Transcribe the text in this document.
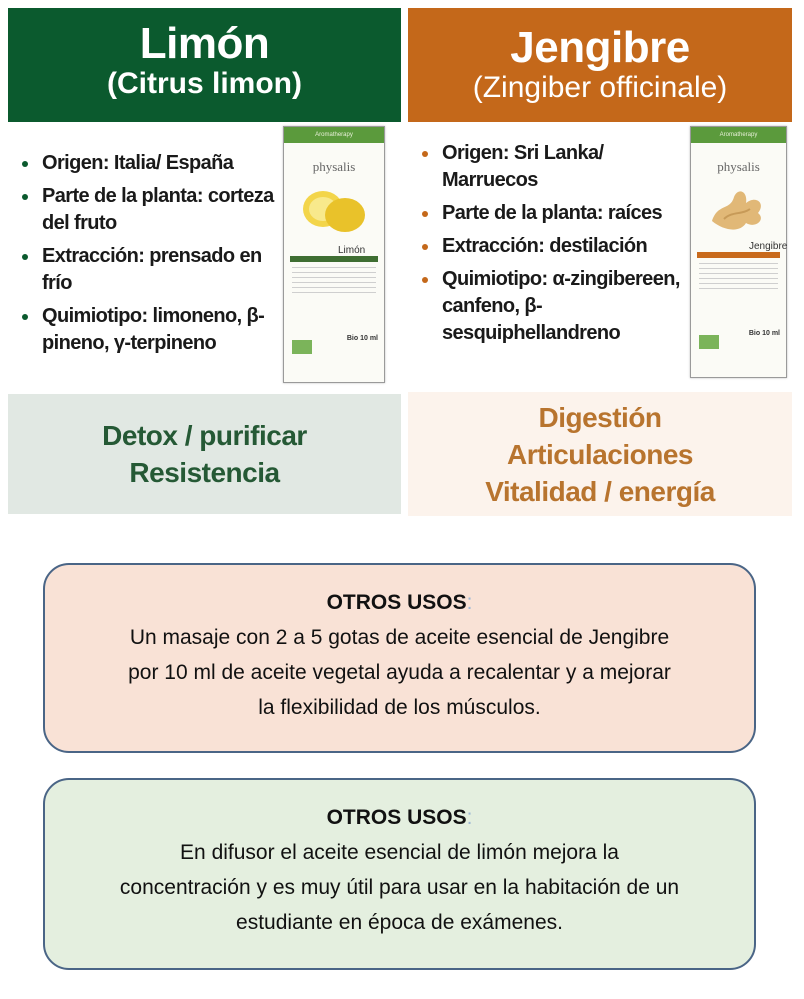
Limón
(Citrus limon)
Origen: Italia/ España
Parte de la planta: corteza del fruto
Extracción: prensado en frío
Quimiotipo: limoneno, β-pineno, γ-terpineno
Aromatherapy
physalis
Limón
Bio 10 ml
Detox / purificar
Resistencia
Jengibre
(Zingiber officinale)
Origen: Sri Lanka/ Marruecos
Parte de la planta: raíces
Extracción: destilación
Quimiotipo: α-zingibereen, canfeno, β-sesquiphellandreno
Aromatherapy
physalis
Jengibre
Bio 10 ml
Digestión
Articulaciones
Vitalidad / energía
OTROS USOS:
Un masaje con 2 a 5 gotas de aceite esencial de Jengibre
por 10 ml de aceite vegetal ayuda a recalentar y a mejorar
la flexibilidad de los músculos.
OTROS USOS:
En difusor el aceite esencial de limón mejora la
concentración y es muy útil para usar en la habitación de un
estudiante en época de exámenes.
